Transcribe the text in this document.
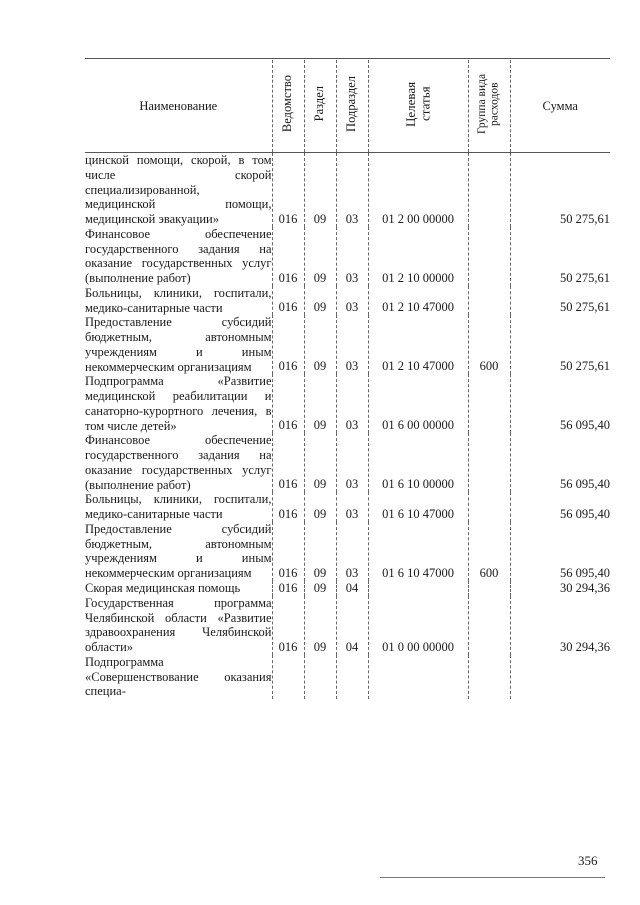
Наименование	Ведомство	Раздел	Подраздел	Целевая статья	Группа вида расходов	Сумма
цинской помощи, скорой, в том числе скорой специализированной, медицинской помощи, медицинской эвакуации»	016	09	03	01 2 00 00000		50 275,61
Финансовое обеспечение государственного задания на оказание государственных услуг (выполнение работ)	016	09	03	01 2 10 00000		50 275,61
Больницы, клиники, госпитали, медико-санитарные части	016	09	03	01 2 10 47000		50 275,61
Предоставление субсидий бюджетным, автономным учреждениям и иным некоммерческим организациям	016	09	03	01 2 10 47000	600	50 275,61
Подпрограмма «Развитие медицинской реабилитации и санаторно-курортного лечения, в том числе детей»	016	09	03	01 6 00 00000		56 095,40
Финансовое обеспечение государственного задания на оказание государственных услуг (выполнение работ)	016	09	03	01 6 10 00000		56 095,40
Больницы, клиники, госпитали, медико-санитарные части	016	09	03	01 6 10 47000		56 095,40
Предоставление субсидий бюджетным, автономным учреждениям и иным некоммерческим организациям	016	09	03	01 6 10 47000	600	56 095,40
Скорая медицинская помощь	016	09	04			30 294,36
Государственная программа Челябинской области «Развитие здравоохранения Челябинской области»	016	09	04	01 0 00 00000		30 294,36
Подпрограмма «Совершенствование оказания специа-						
356
